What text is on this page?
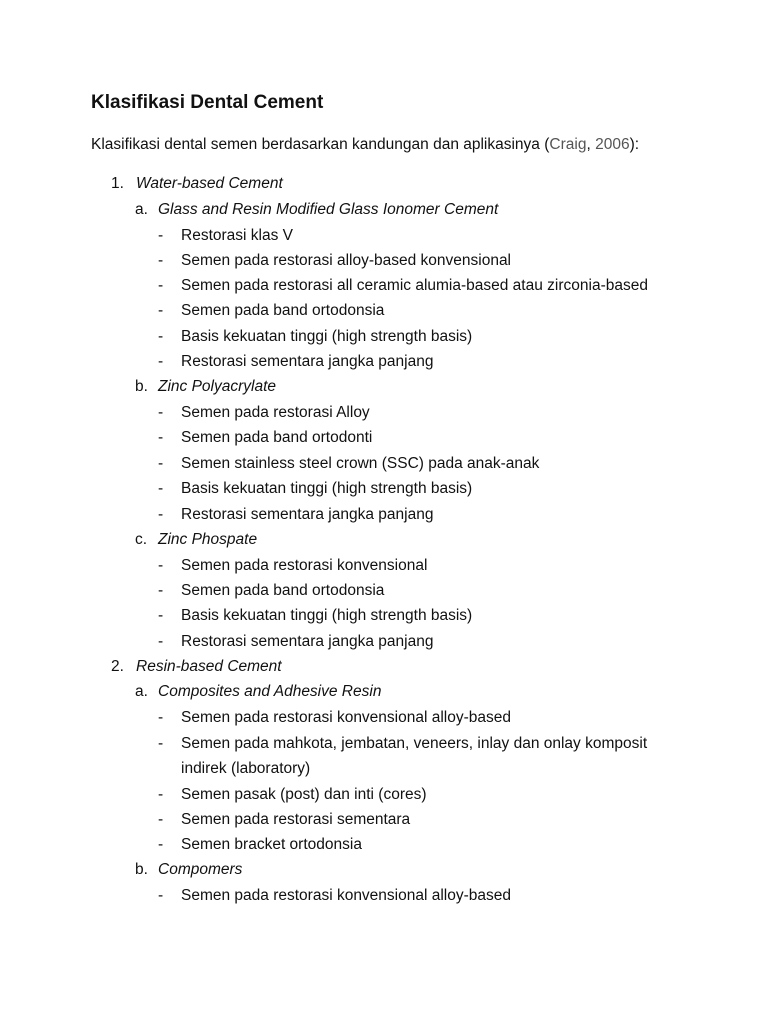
Klasifikasi Dental Cement
Klasifikasi dental semen berdasarkan kandungan dan aplikasinya (Craig, 2006):
1. Water-based Cement
a. Glass and Resin Modified Glass Ionomer Cement
- Restorasi klas V
- Semen pada restorasi alloy-based konvensional
- Semen pada restorasi all ceramic alumia-based atau zirconia-based
- Semen pada band ortodonsia
- Basis kekuatan tinggi (high strength basis)
- Restorasi sementara jangka panjang
b. Zinc Polyacrylate
- Semen pada restorasi Alloy
- Semen pada band ortodonti
- Semen stainless steel crown (SSC) pada anak-anak
- Basis kekuatan tinggi (high strength basis)
- Restorasi sementara jangka panjang
c. Zinc Phospate
- Semen pada restorasi konvensional
- Semen pada band ortodonsia
- Basis kekuatan tinggi (high strength basis)
- Restorasi sementara jangka panjang
2. Resin-based Cement
a. Composites and Adhesive Resin
- Semen pada restorasi konvensional alloy-based
- Semen pada mahkota, jembatan, veneers, inlay dan onlay komposit
indirek (laboratory)
- Semen pasak (post) dan inti (cores)
- Semen pada restorasi sementara
- Semen bracket ortodonsia
b. Compomers
- Semen pada restorasi konvensional alloy-based
